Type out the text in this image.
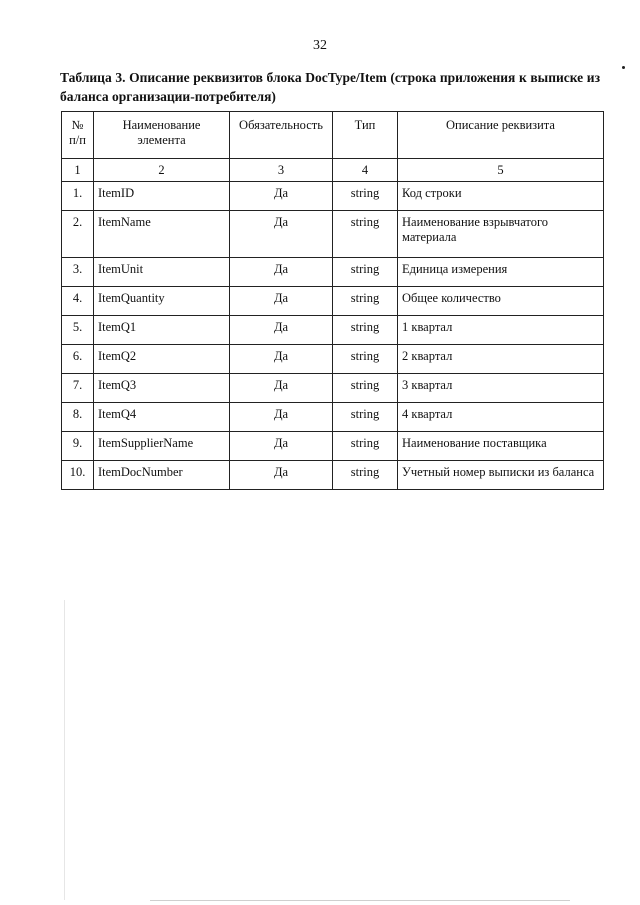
32
Таблица 3. Описание реквизитов блока DocType/Item (строка приложения к выписке из баланса организации-потребителя)
№ п/п	Наименование элемента	Обязательность	Тип	Описание реквизита
1	2	3	4	5
1.	ItemID	Да	string	Код строки
2.	ItemName	Да	string	Наименование взрывчатого материала
3.	ItemUnit	Да	string	Единица измерения
4.	ItemQuantity	Да	string	Общее количество
5.	ItemQ1	Да	string	1 квартал
6.	ItemQ2	Да	string	2 квартал
7.	ItemQ3	Да	string	3 квартал
8.	ItemQ4	Да	string	4 квартал
9.	ItemSupplierName	Да	string	Наименование поставщика
10.	ItemDocNumber	Да	string	Учетный номер выписки из баланса
